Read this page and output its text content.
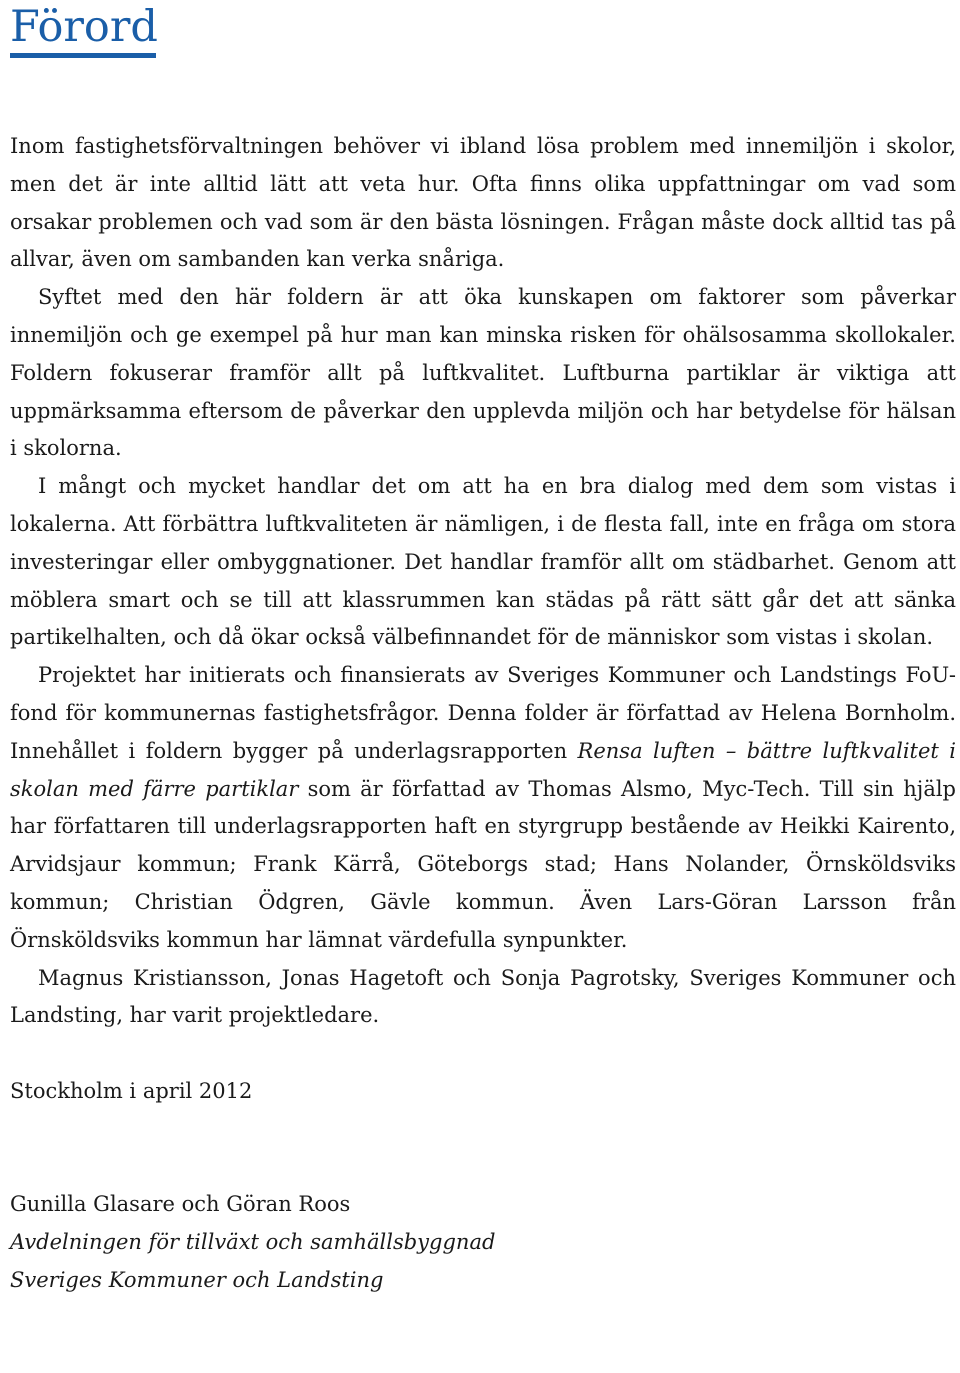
Förord

Inom fastighetsförvaltningen behöver vi ibland lösa problem med innemiljön i skolor, men det är inte alltid lätt att veta hur. Ofta finns olika uppfattningar om vad som orsakar problemen och vad som är den bästa lösningen. Frågan måste dock alltid tas på allvar, även om sambanden kan verka snåriga.

Syftet med den här foldern är att öka kunskapen om faktorer som påverkar innemiljön och ge exempel på hur man kan minska risken för ohälsosamma skollokaler. Foldern fokuserar framför allt på luftkvalitet. Luftburna partiklar är viktiga att uppmärksamma eftersom de påverkar den upplevda miljön och har betydelse för hälsan i skolorna.

I mångt och mycket handlar det om att ha en bra dialog med dem som vistas i lokalerna. Att förbättra luftkvaliteten är nämligen, i de flesta fall, inte en fråga om stora investeringar eller ombyggnationer. Det handlar framför allt om städbarhet. Genom att möblera smart och se till att klassrummen kan städas på rätt sätt går det att sänka partikelhalten, och då ökar också välbefinnandet för de människor som vistas i skolan.

Projektet har initierats och finansierats av Sveriges Kommuner och Landstings FoU-fond för kommunernas fastighetsfrågor. Denna folder är författad av Helena Bornholm. Innehållet i foldern bygger på underlagsrapporten Rensa luften – bättre luftkvalitet i skolan med färre partiklar som är författad av Thomas Alsmo, Myc-Tech. Till sin hjälp har författaren till underlagsrapporten haft en styrgrupp bestående av Heikki Kairento, Arvidsjaur kommun; Frank Kärrå, Göteborgs stad; Hans Nolander, Örnsköldsviks kommun; Christian Ödgren, Gävle kommun. Även Lars-Göran Larsson från Örnsköldsviks kommun har lämnat värdefulla synpunkter.

Magnus Kristiansson, Jonas Hagetoft och Sonja Pagrotsky, Sveriges Kommuner och Landsting, har varit projektledare.

Stockholm i april 2012
Gunilla Glasare och Göran Roos
Avdelningen för tillväxt och samhällsbyggnad
Sveriges Kommuner och Landsting
